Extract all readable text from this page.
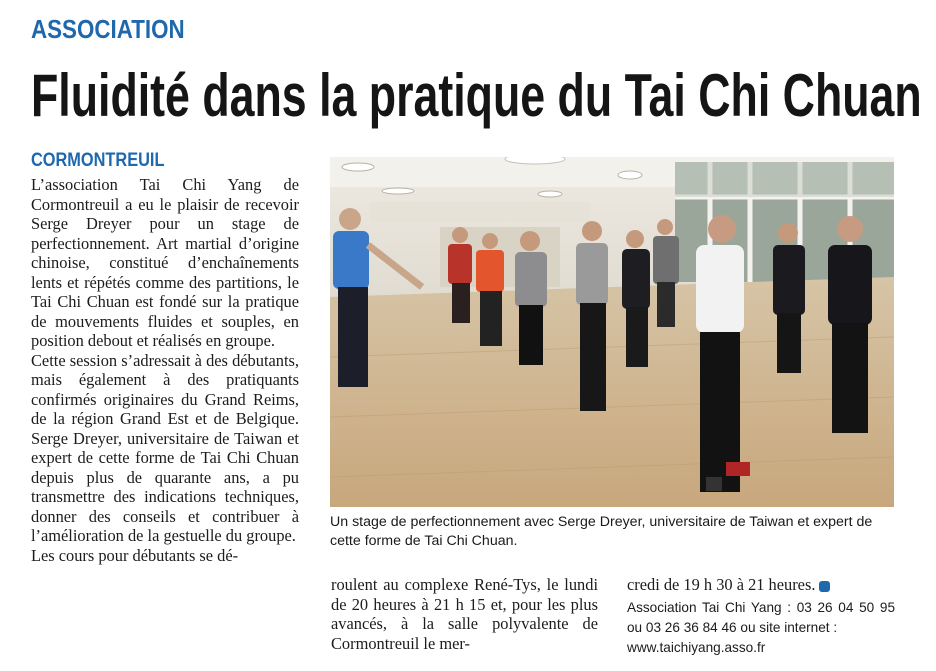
ASSOCIATION
Fluidité dans la pratique du Tai Chi Chuan
CORMONTREUIL

L’association Tai Chi Yang de Cormontreuil a eu le plaisir de recevoir Serge Dreyer pour un stage de perfectionnement. Art martial d’origine chinoise, constitué d’enchaînements lents et répétés comme des partitions, le Tai Chi Chuan est fondé sur la pratique de mouvements fluides et souples, en position debout et réalisés en groupe.

Cette session s’adressait à des débutants, mais également à des pratiquants confirmés originaires du Grand Reims, de la région Grand Est et de Belgique. Serge Dreyer, universitaire de Taiwan et expert de cette forme de Tai Chi Chuan depuis plus de quarante ans, a pu transmettre des indications techniques, donner des conseils et contribuer à l’amélioration de la gestuelle du groupe.

Les cours pour débutants se dé-

Un stage de perfectionnement avec Serge Dreyer, universitaire de Taiwan et expert de cette forme de Tai Chi Chuan.

roulent au complexe René-Tys, le lundi de 20 heures à 21 h 15 et, pour les plus avancés, à la salle polyvalente de Cormontreuil le mer-

credi de 19 h 30 à 21 heures.

Association Tai Chi Yang : 03 26 04 50 95 ou 03 26 36 84 46 ou site internet :
www.taichiyang.asso.fr
